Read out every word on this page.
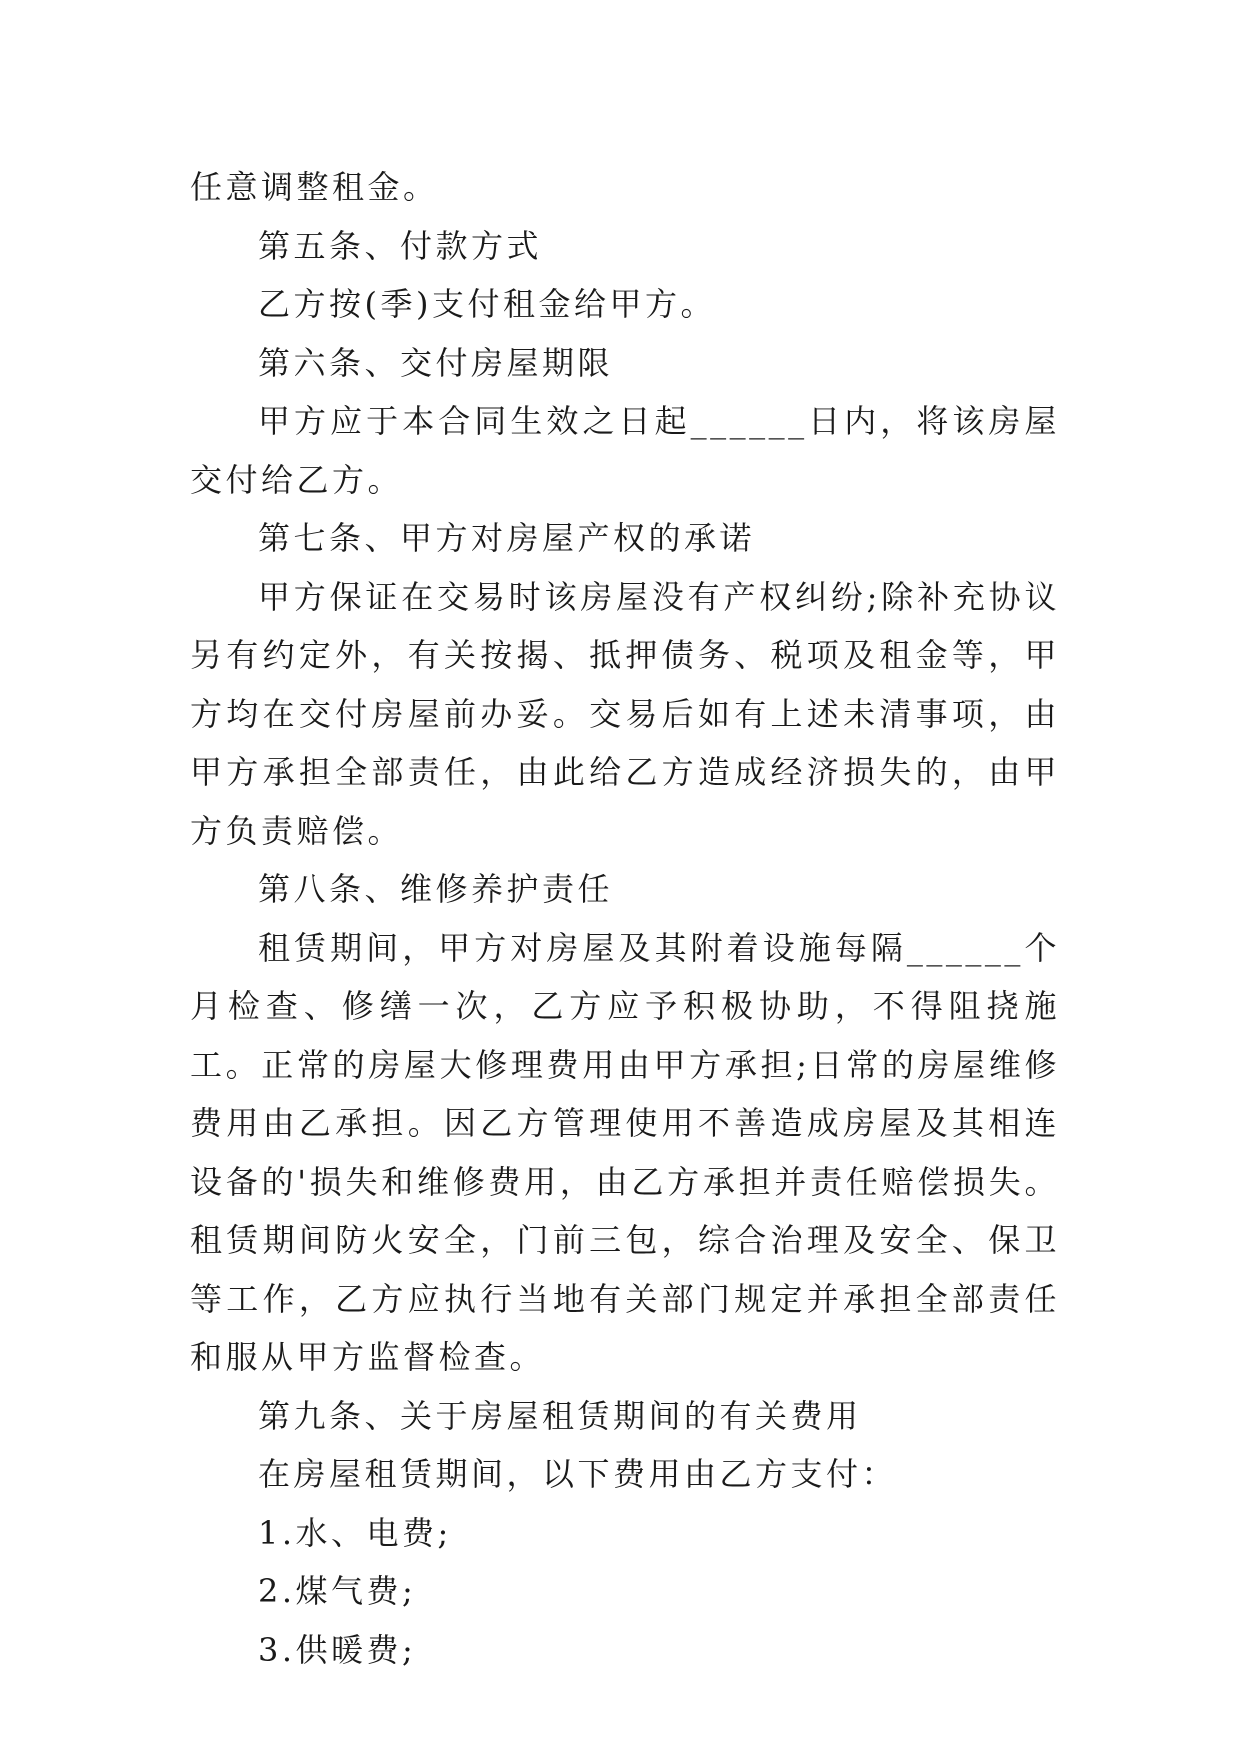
任意调整租金。

第五条、付款方式

乙方按(季)支付租金给甲方。

第六条、交付房屋期限

甲方应于本合同生效之日起______日内，将该房屋交付给乙方。

第七条、甲方对房屋产权的承诺

甲方保证在交易时该房屋没有产权纠纷;除补充协议另有约定外，有关按揭、抵押债务、税项及租金等，甲方均在交付房屋前办妥。交易后如有上述未清事项，由甲方承担全部责任，由此给乙方造成经济损失的，由甲方负责赔偿。

第八条、维修养护责任

租赁期间，甲方对房屋及其附着设施每隔______个月检查、修缮一次，乙方应予积极协助，不得阻挠施工。正常的房屋大修理费用由甲方承担;日常的房屋维修费用由乙承担。因乙方管理使用不善造成房屋及其相连设备的'损失和维修费用，由乙方承担并责任赔偿损失。租赁期间防火安全，门前三包，综合治理及安全、保卫等工作，乙方应执行当地有关部门规定并承担全部责任和服从甲方监督检查。

第九条、关于房屋租赁期间的有关费用

在房屋租赁期间，以下费用由乙方支付：

1.水、电费;

2.煤气费;

3.供暖费;
